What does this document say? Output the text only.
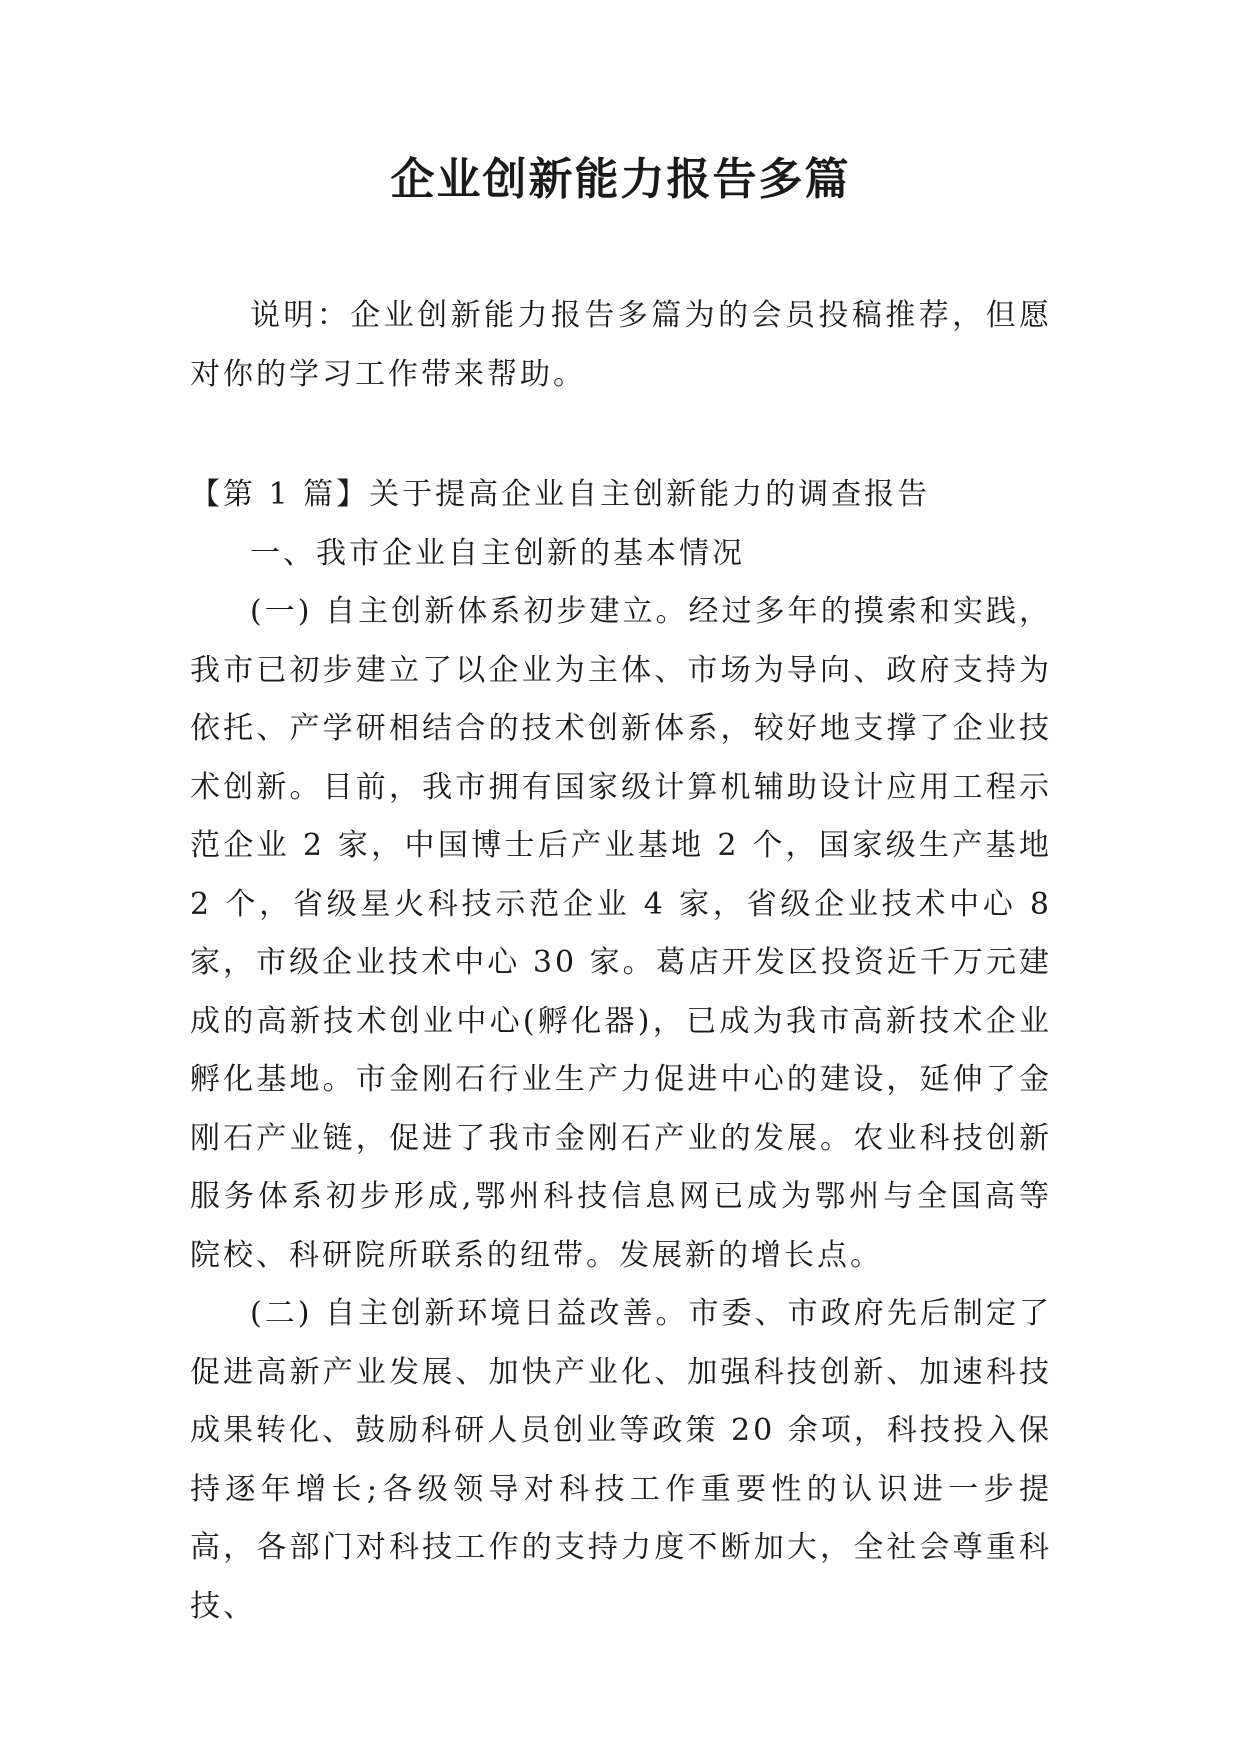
企业创新能力报告多篇

说明：企业创新能力报告多篇为的会员投稿推荐，但愿对你的学习工作带来帮助。

【第 1 篇】关于提高企业自主创新能力的调查报告

一、我市企业自主创新的基本情况

(一) 自主创新体系初步建立。经过多年的摸索和实践，我市已初步建立了以企业为主体、市场为导向、政府支持为依托、产学研相结合的技术创新体系，较好地支撑了企业技术创新。目前，我市拥有国家级计算机辅助设计应用工程示范企业 2 家，中国博士后产业基地 2 个，国家级生产基地 2 个，省级星火科技示范企业 4 家，省级企业技术中心 8 家，市级企业技术中心 30 家。葛店开发区投资近千万元建成的高新技术创业中心(孵化器)，已成为我市高新技术企业孵化基地。市金刚石行业生产力促进中心的建设，延伸了金刚石产业链，促进了我市金刚石产业的发展。农业科技创新服务体系初步形成,鄂州科技信息网已成为鄂州与全国高等院校、科研院所联系的纽带。发展新的增长点。

(二) 自主创新环境日益改善。市委、市政府先后制定了促进高新产业发展、加快产业化、加强科技创新、加速科技成果转化、鼓励科研人员创业等政策 20 余项，科技投入保持逐年增长;各级领导对科技工作重要性的认识进一步提高，各部门对科技工作的支持力度不断加大，全社会尊重科技、
